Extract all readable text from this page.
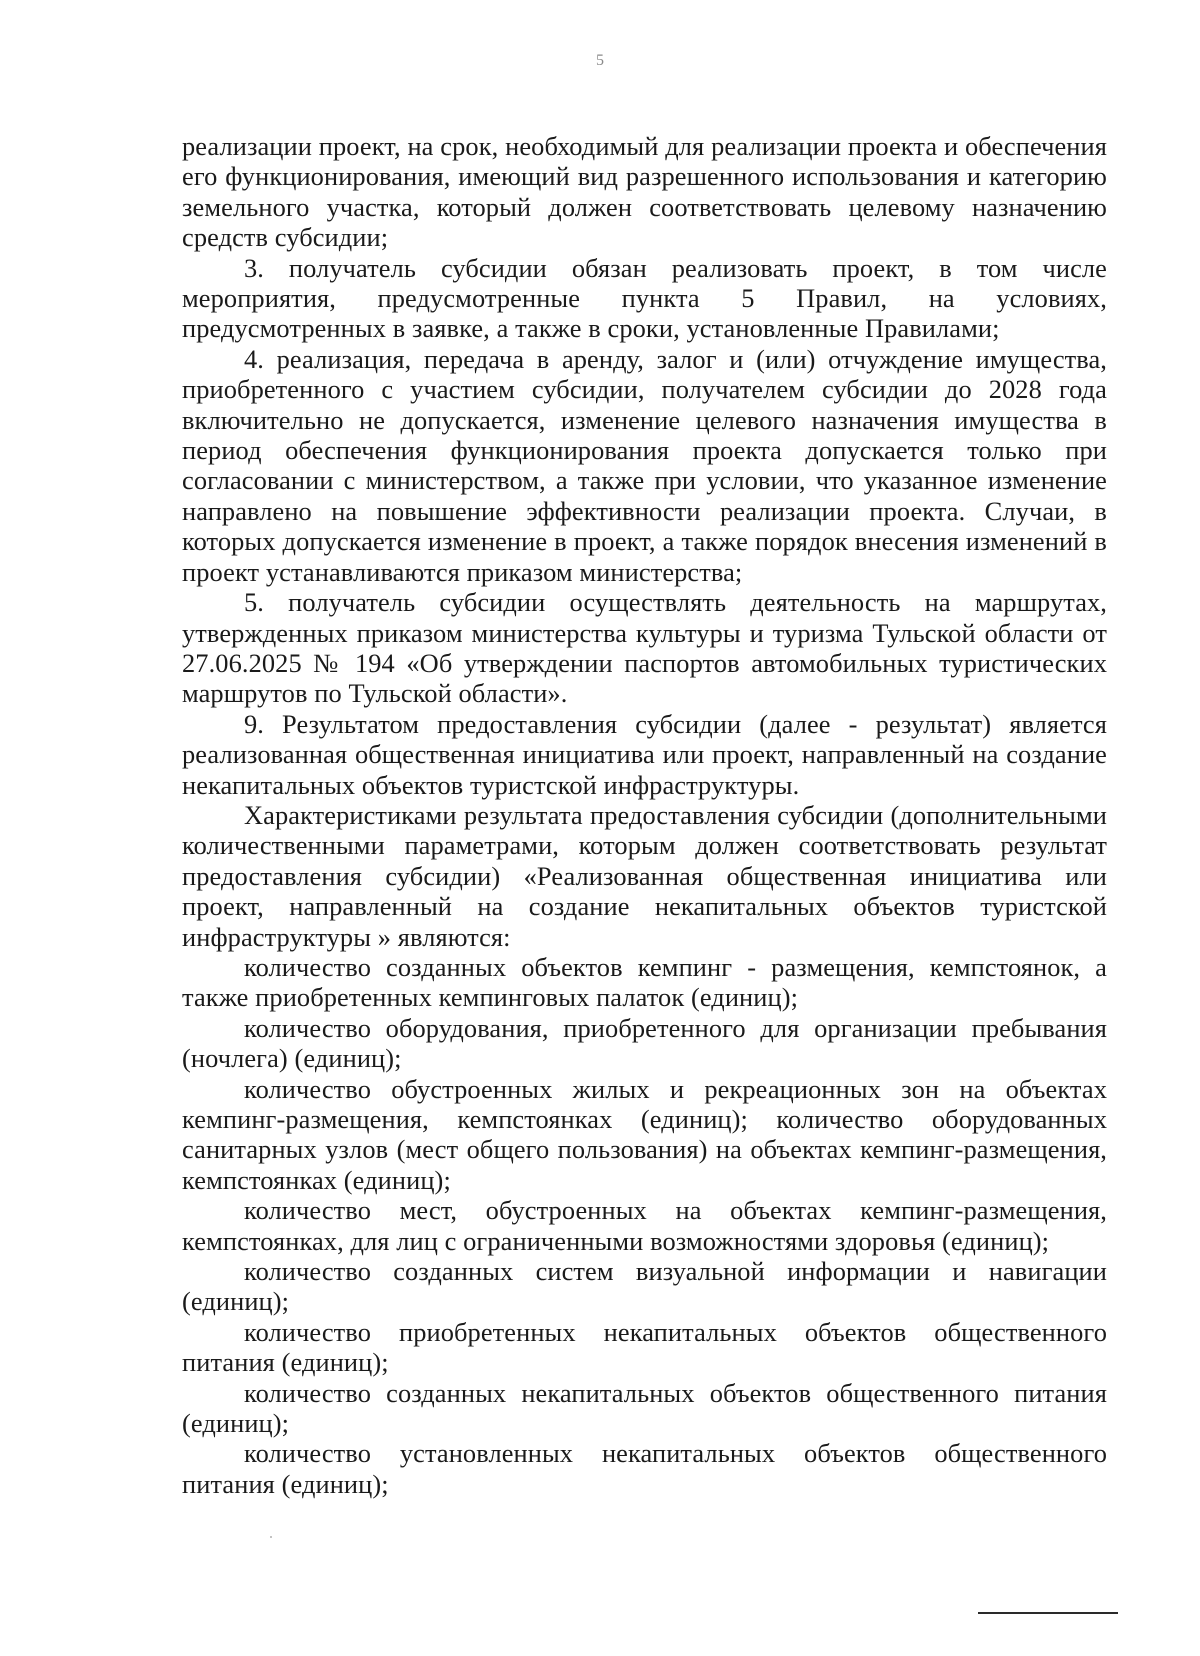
5

реализации проект, на срок, необходимый для реализации проекта и обеспечения его функционирования, имеющий вид разрешенного использования и категорию земельного участка, который должен соответствовать целевому назначению средств субсидии;

3. получатель субсидии обязан реализовать проект, в том числе мероприятия, предусмотренные пункта 5 Правил, на условиях, предусмотренных в заявке, а также в сроки, установленные Правилами;

4. реализация, передача в аренду, залог и (или) отчуждение имущества, приобретенного с участием субсидии, получателем субсидии до 2028 года включительно не допускается, изменение целевого назначения имущества в период обеспечения функционирования проекта допускается только при согласовании с министерством, а также при условии, что указанное изменение направлено на повышение эффективности реализации проекта. Случаи, в которых допускается изменение в проект, а также порядок внесения изменений в проект устанавливаются приказом министерства;

5. получатель субсидии осуществлять деятельность на маршрутах, утвержденных приказом министерства культуры и туризма Тульской области от 27.06.2025 № 194 «Об утверждении паспортов автомобильных туристических маршрутов по Тульской области».

9. Результатом предоставления субсидии (далее - результат) является реализованная общественная инициатива или проект, направленный на создание некапитальных объектов туристской инфраструктуры.

Характеристиками результата предоставления субсидии (дополнительными количественными параметрами, которым должен соответствовать результат предоставления субсидии) «Реализованная общественная инициатива или проект, направленный на создание некапитальных объектов туристской инфраструктуры » являются:

количество созданных объектов кемпинг - размещения, кемпстоянок, а также приобретенных кемпинговых палаток (единиц);

количество оборудования, приобретенного для организации пребывания (ночлега) (единиц);

количество обустроенных жилых и рекреационных зон на объектах кемпинг-размещения, кемпстоянках (единиц); количество оборудованных санитарных узлов (мест общего пользования) на объектах кемпинг-размещения, кемпстоянках (единиц);

количество мест, обустроенных на объектах кемпинг-размещения, кемпстоянках, для лиц с ограниченными возможностями здоровья (единиц);

количество созданных систем визуальной информации и навигации (единиц);

количество приобретенных некапитальных объектов общественного питания (единиц);

количество созданных некапитальных объектов общественного питания (единиц);

количество установленных некапитальных объектов общественного питания (единиц);
